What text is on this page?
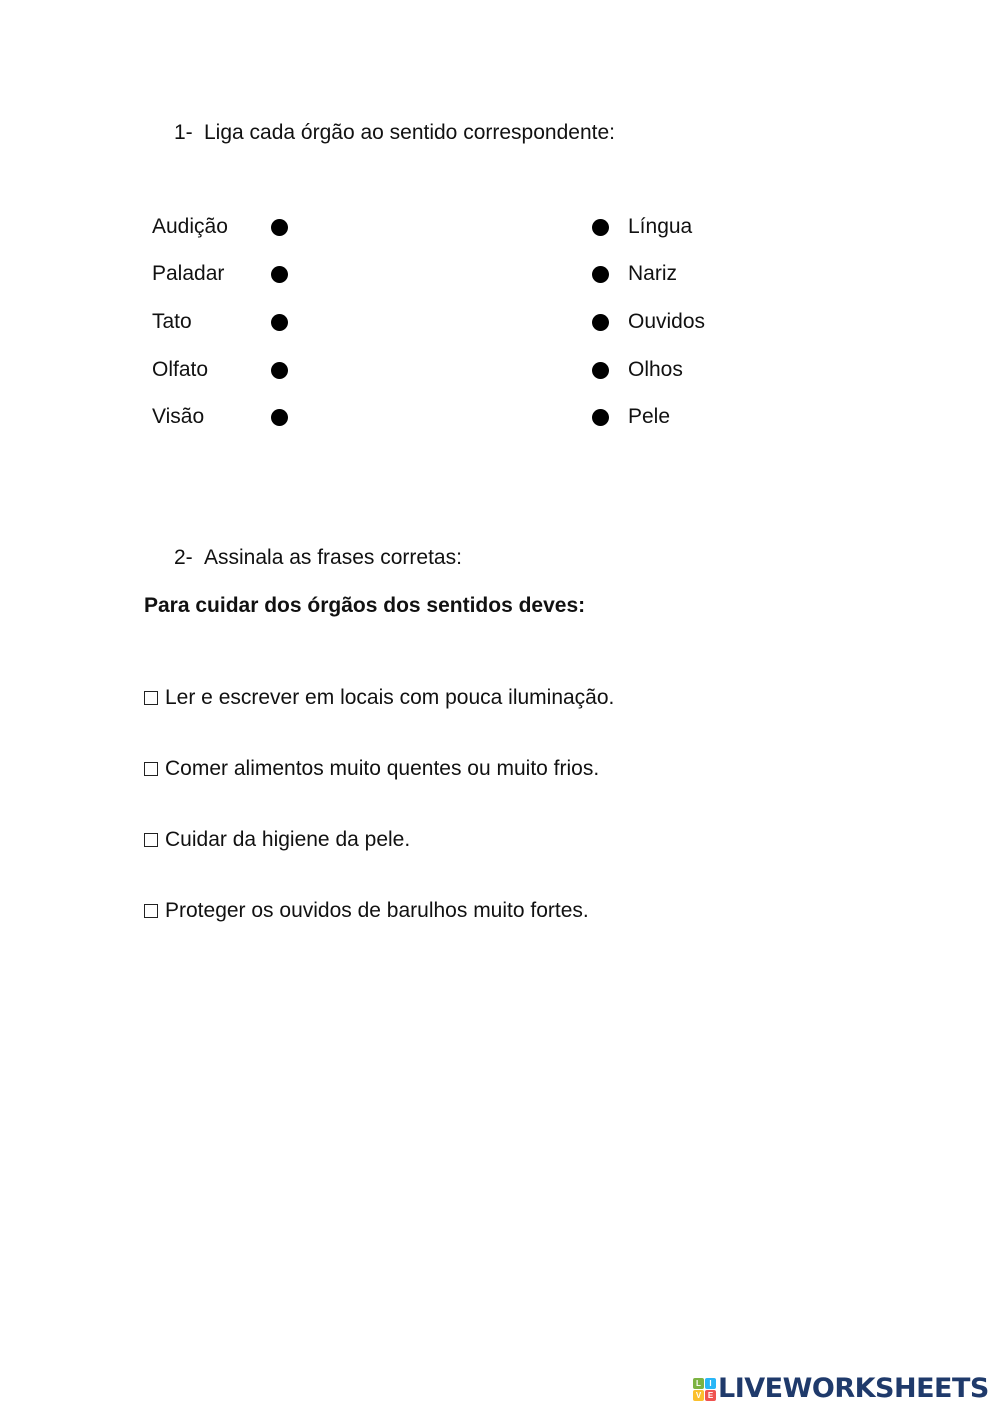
1- Liga cada órgão ao sentido correspondente:
Audição	Língua
Paladar	Nariz
Tato	Ouvidos
Olfato	Olhos
Visão	Pele
2- Assinala as frases corretas:
Para cuidar dos órgãos dos sentidos deves:
Ler e escrever em locais com pouca iluminação.
Comer alimentos muito quentes ou muito frios.
Cuidar da higiene da pele.
Proteger os ouvidos de barulhos muito fortes.
L	I
V E LIVEWORKSHEETS
